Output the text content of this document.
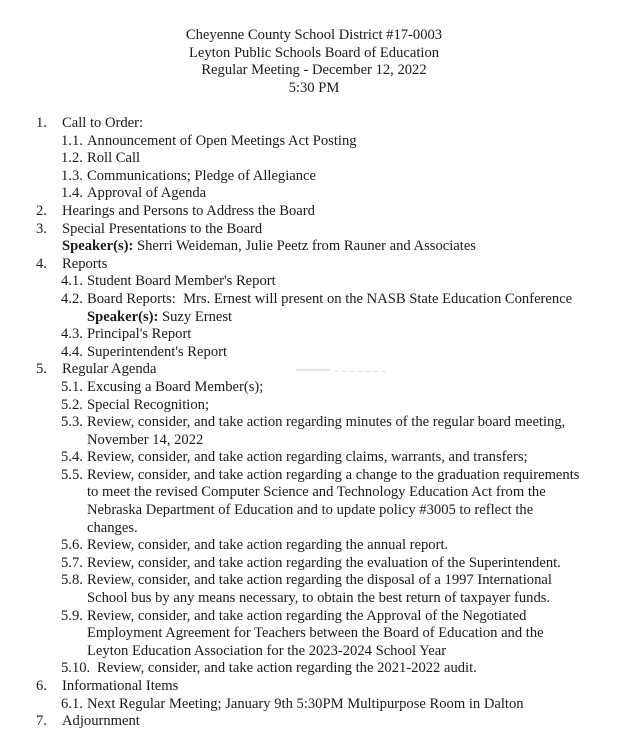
Cheyenne County School District #17-0003
Leyton Public Schools Board of Education
Regular Meeting - December 12, 2022
5:30 PM
1. Call to Order:
1.1. Announcement of Open Meetings Act Posting
1.2. Roll Call
1.3. Communications; Pledge of Allegiance
1.4. Approval of Agenda
2. Hearings and Persons to Address the Board
3. Special Presentations to the Board
Speaker(s): Sherri Weideman, Julie Peetz from Rauner and Associates
4. Reports
4.1. Student Board Member's Report
4.2. Board Reports:  Mrs. Ernest will present on the NASB State Education Conference
Speaker(s): Suzy Ernest
4.3. Principal's Report
4.4. Superintendent's Report
5. Regular Agenda
5.1. Excusing a Board Member(s);
5.2. Special Recognition;
5.3. Review, consider, and take action regarding minutes of the regular board meeting,
November 14, 2022
5.4. Review, consider, and take action regarding claims, warrants, and transfers;
5.5. Review, consider, and take action regarding a change to the graduation requirements
to meet the revised Computer Science and Technology Education Act from the
Nebraska Department of Education and to update policy #3005 to reflect the
changes.
5.6. Review, consider, and take action regarding the annual report.
5.7. Review, consider, and take action regarding the evaluation of the Superintendent.
5.8. Review, consider, and take action regarding the disposal of a 1997 International
School bus by any means necessary, to obtain the best return of taxpayer funds.
5.9. Review, consider, and take action regarding the Approval of the Negotiated
Employment Agreement for Teachers between the Board of Education and the
Leyton Education Association for the 2023-2024 School Year
5.10. Review, consider, and take action regarding the 2021-2022 audit.
6. Informational Items
6.1. Next Regular Meeting; January 9th 5:30PM Multipurpose Room in Dalton
7. Adjournment
